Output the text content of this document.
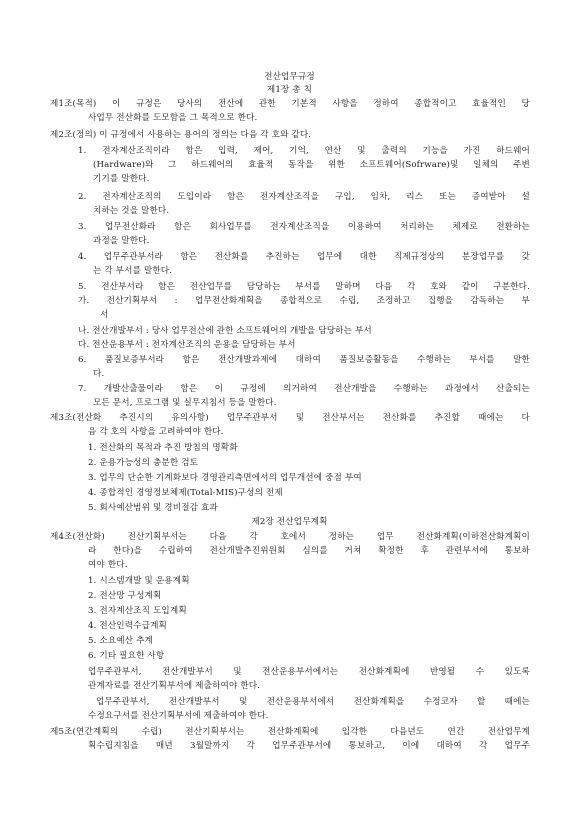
전산업무규정
제1장 총 칙
제1조(목적) 이 규정은 당사의 전산에 관한 기본적 사항을 정하여 종합적이고 효율적인 당
사업무 전산화를 도모함을 그 목적으로 한다.
제2조(정의) 이 규정에서 사용하는 용어의 정의는 다음 각 호와 같다.
1. 전자계산조직이라 함은 입력, 제어, 기억, 연산 및 출력의 기능을 가진 하드웨어
(Hardware)와 그 하드웨어의 효율적 동작을 위한 소프트웨어(Sofrware)및 일체의 주변
기기를 말한다.
2. 전자계산조직의 도입이라 함은 전자계산조직을 구입, 임차, 리스 또는 증여받아 설
치하는 것을 말한다.
3. 업무전산화라 함은 회사업무를 전자계산조직을 이용하여 처리하는 체제로 전환하는
과정을 말한다.
4. 업무주관부서라 함은 전산화를 추진하는 업무에 대한 직제규정상의 분장업무를 갖
는 각 부서를 말한다.
5. 전산부서라 함은 전산업무를 담당하는 부서를 말하며 다음 각 호와 같이 구분한다.
가. 전산기획부서 : 업무전산화계획을 종합적으로 수립, 조정하고 집행을 감독하는 부
서
나. 전산개발부서 : 당사 업무전산에 관한 소프트웨어의 개발을 담당하는 부서
다. 전산운용부서 : 전자계산조직의 운용을 담당하는 부서
6. 품질보증부서라 함은 전산개발과제에 대하여 품질보증활동을 수행하는 부서를 말한
다.
7. 개발산출물이라 함은 이 규정에 의거하여 전산개발을 수행하는 과정에서 산출되는
모든 문서, 프로그램 및 실무지침서 등을 말한다.
제3조(전산화 추진시의 유의사항) 업무주관부서 및 전산부서는 전산화를 추진할 때에는 다
음 각 호의 사항을 고려하여야 한다.
1. 전산화의 목적과 추진 방침의 명확화
2. 운용가능성의 충분한 검토
3. 업무의 단순한 기계화보다 경영관리측면에서의 업무개선에 중점 부여
4. 종합적인 경영정보체제(Total-MIS)구성의 전제
5. 회사예산범위 및 경비절감 효과
제2장 전산업무계획
제4조(전산화) 전산기획부서는 다음 각 호에서 정하는 업무 전산화계획(이하전산화계획이
라 한다)을 수립하여 전산개발추진위원회 심의를 거쳐 확정한 후 관련부서에 통보하
여야 한다.
1. 시스템개발 및 운용계획
2. 전산망 구성계획
3. 전자계산조직 도입계획
4. 전산인력수급계획
5. 소요예산 추계
6. 기타 필요한 사항
업무주관부서, 전산개발부서 및 전산운용부서에서는 전산화계획에 반영될 수 있도록
관계자료를 전산기획부서에 제출하여야 한다.
업무주관부서, 전산개발부서 및 전산운용부서에서 전산화계획을 수정코자 할 때에는
수정요구서를 전산기획부서에 제출하여야 한다.
제5조(연간계획의 수립) 전산기획부서는 전산화계획에 입각한 다음년도 연간 전산업무계
획수립지침을 매년 3월말까지 각 업무주관부서에 통보하고, 이에 대하여 각 업무주
